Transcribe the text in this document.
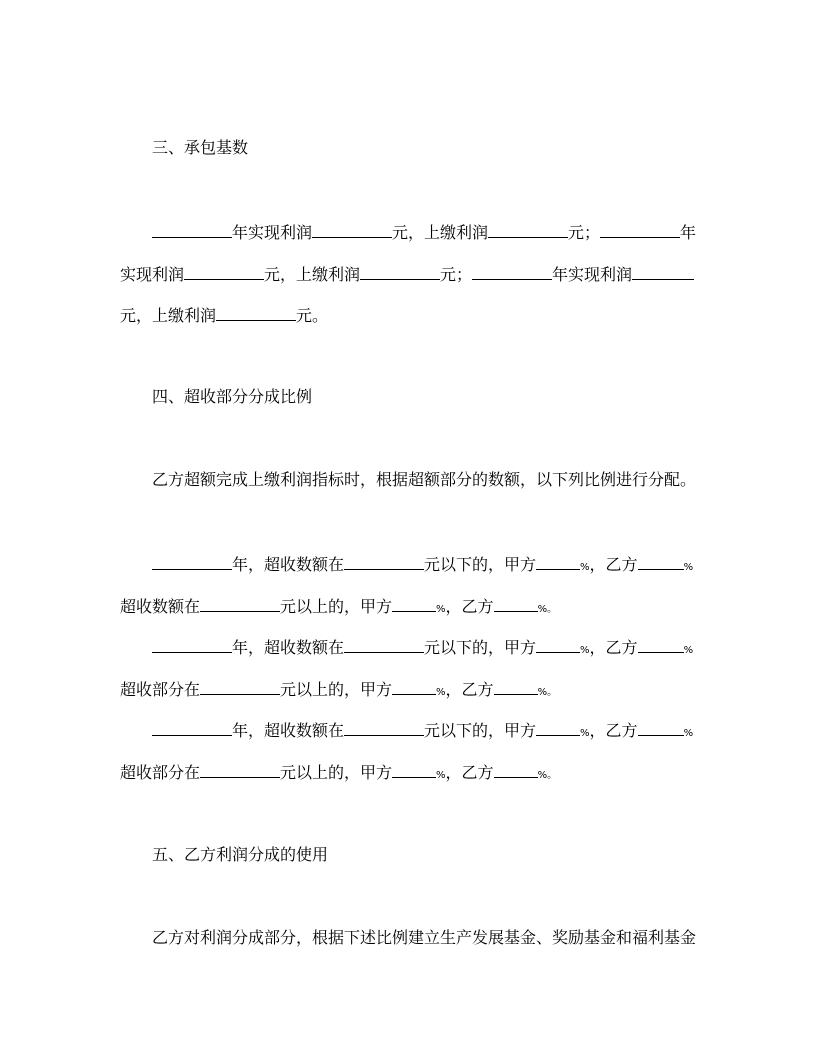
三、承包基数
年实现利润	元，上缴利润	元；	年
实现利润	元，上缴利润	元；	年实现利润
元，上缴利润	元。
四、超收部分分成比例
乙方超额完成上缴利润指标时，根据超额部分的数额，以下列比例进行分配。
年，超收数额在	元以下的，甲方	%，乙方	%
超收数额在	元以上的，甲方	%，乙方	%。
年，超收数额在	元以下的，甲方	%，乙方	%
超收部分在	元以上的，甲方	%，乙方	%。
年，超收数额在	元以下的，甲方	%，乙方	%
超收部分在	元以上的，甲方	%，乙方	%。
五、乙方利润分成的使用
乙方对利润分成部分，根据下述比例建立生产发展基金、奖励基金和福利基金
